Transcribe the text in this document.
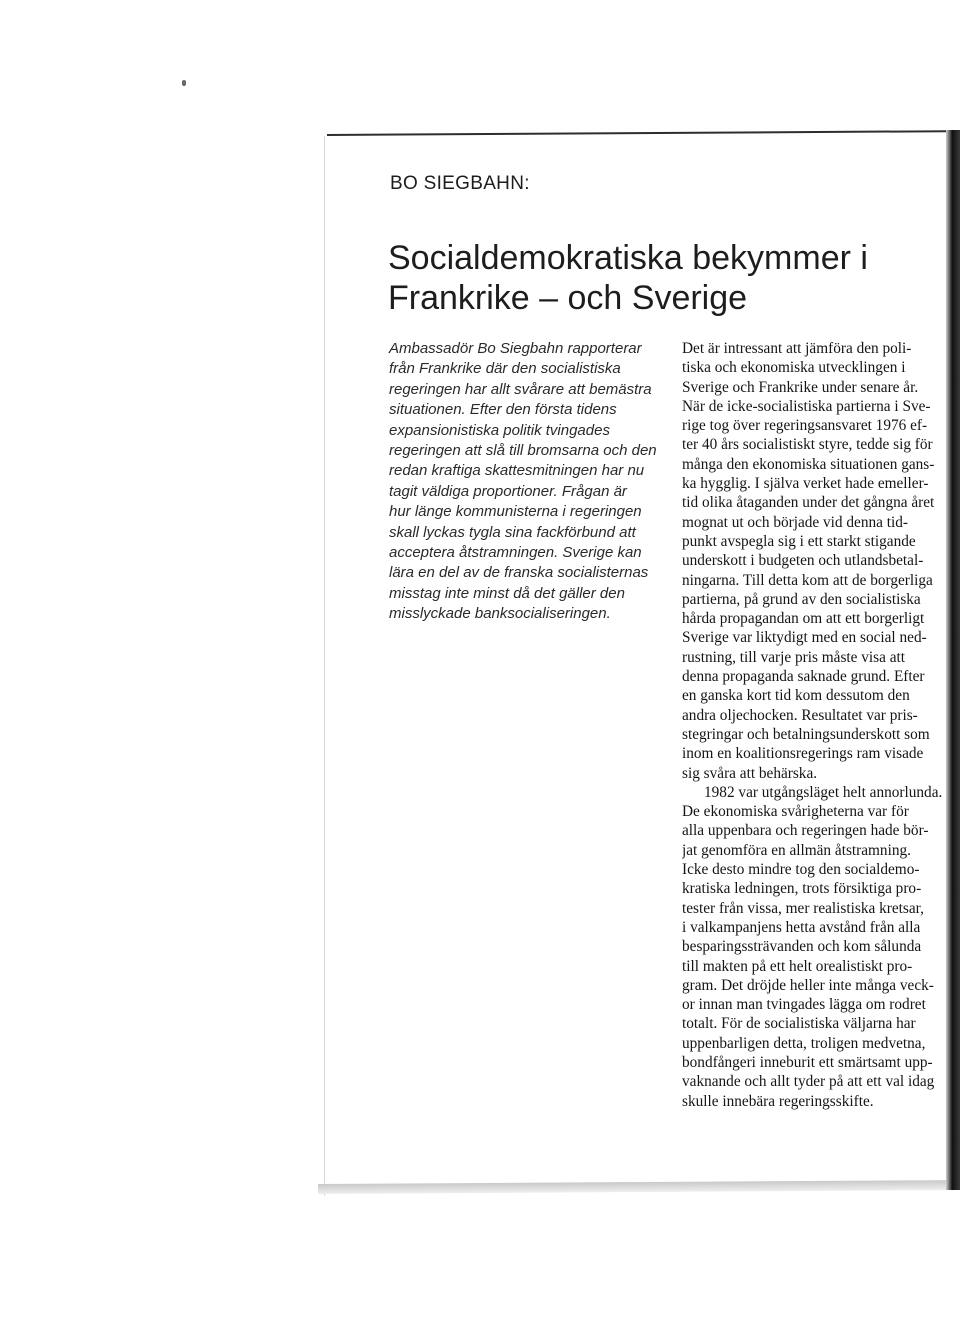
BO SIEGBAHN:

Socialdemokratiska bekymmer i
Frankrike – och Sverige

Ambassadör Bo Siegbahn rapporterar
från Frankrike där den socialistiska
regeringen har allt svårare att bemästra
situationen. Efter den första tidens
expansionistiska politik tvingades
regeringen att slå till bromsarna och den
redan kraftiga skattesmitningen har nu
tagit väldiga proportioner. Frågan är
hur länge kommunisterna i regeringen
skall lyckas tygla sina fackförbund att
acceptera åtstramningen. Sverige kan
lära en del av de franska socialisternas
misstag inte minst då det gäller den
misslyckade banksocialiseringen.

Det är intressant att jämföra den poli-
tiska och ekonomiska utvecklingen i
Sverige och Frankrike under senare år.
När de icke-socialistiska partierna i Sve-
rige tog över regeringsansvaret 1976 ef-
ter 40 års socialistiskt styre, tedde sig för
många den ekonomiska situationen gans-
ka hygglig. I själva verket hade emeller-
tid olika åtaganden under det gångna året
mognat ut och började vid denna tid-
punkt avspegla sig i ett starkt stigande
underskott i budgeten och utlandsbetal-
ningarna. Till detta kom att de borgerliga
partierna, på grund av den socialistiska
hårda propagandan om att ett borgerligt
Sverige var liktydigt med en social ned-
rustning, till varje pris måste visa att
denna propaganda saknade grund. Efter
en ganska kort tid kom dessutom den
andra oljechocken. Resultatet var pris-
stegringar och betalningsunderskott som
inom en koalitionsregerings ram visade
sig svåra att behärska.
1982 var utgångsläget helt annorlunda.
De ekonomiska svårigheterna var för
alla uppenbara och regeringen hade bör-
jat genomföra en allmän åtstramning.
Icke desto mindre tog den socialdemo-
kratiska ledningen, trots försiktiga pro-
tester från vissa, mer realistiska kretsar,
i valkampanjens hetta avstånd från alla
besparingssträvanden och kom sålunda
till makten på ett helt orealistiskt pro-
gram. Det dröjde heller inte många veck-
or innan man tvingades lägga om rodret
totalt. För de socialistiska väljarna har
uppenbarligen detta, troligen medvetna,
bondfångeri inneburit ett smärtsamt upp-
vaknande och allt tyder på att ett val idag
skulle innebära regeringsskifte.
